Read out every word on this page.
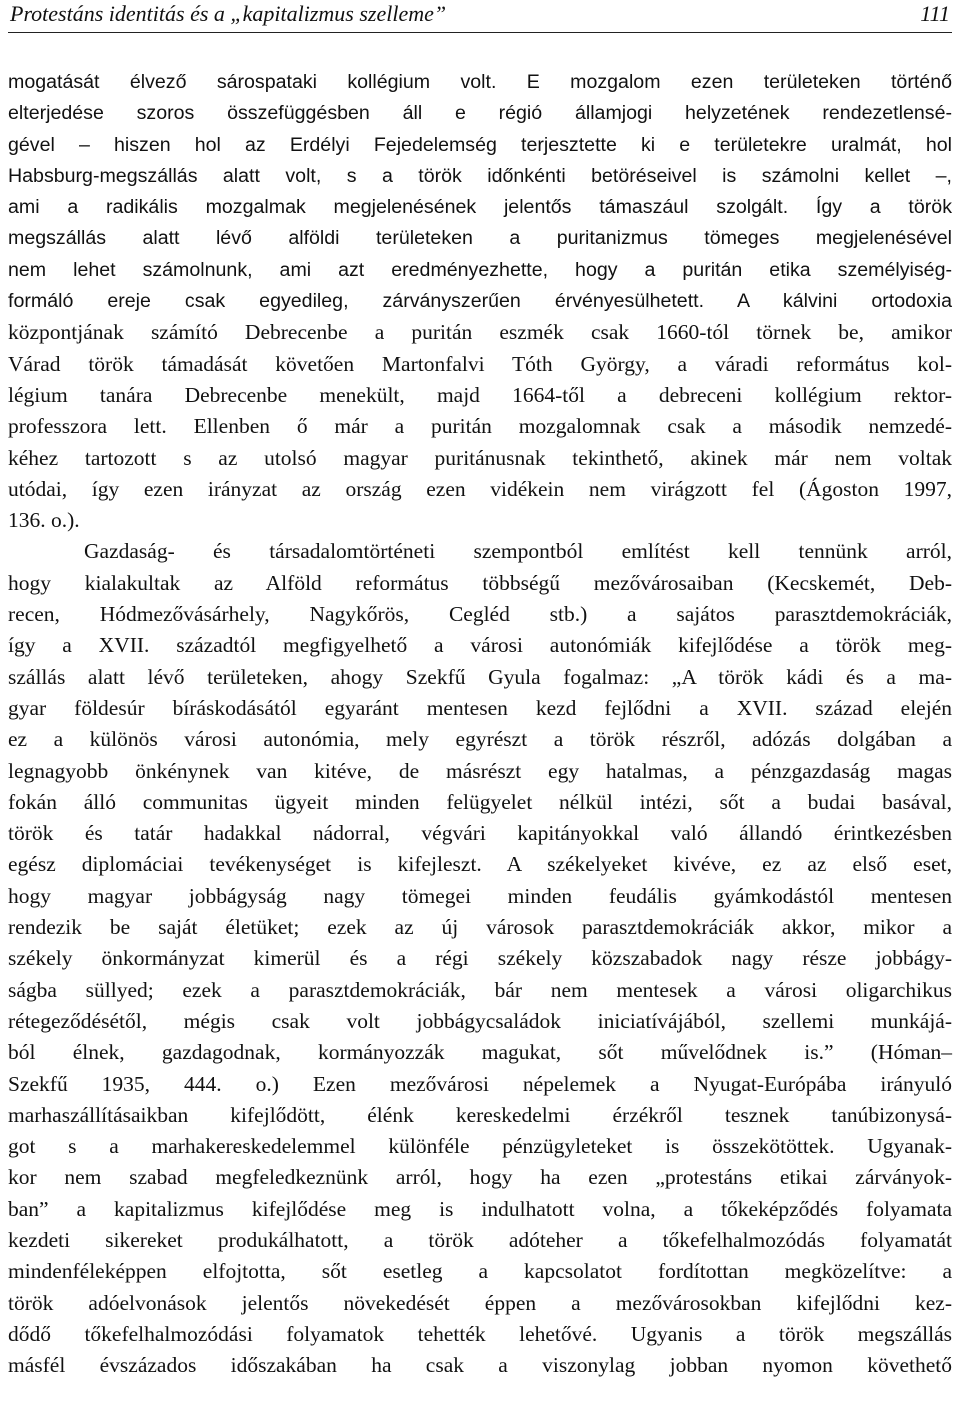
Protestáns identitás és a „kapitalizmus szelleme”	111
mogatását élvező sárospataki kollégium volt. E mozgalom ezen területeken történő
elterjedése szoros összefüggésben áll e régió államjogi helyzetének rendezetlensé-
gével – hiszen hol az Erdélyi Fejedelemség terjesztette ki e területekre uralmát, hol
Habsburg-megszállás alatt volt, s a török időnkénti betöréseivel is számolni kellet –,
ami a radikális mozgalmak megjelenésének jelentős támaszául szolgált. Így a török
megszállás alatt lévő alföldi területeken a puritanizmus tömeges megjelenésével
nem lehet számolnunk, ami azt eredményezhette, hogy a puritán etika személyiség-
formáló ereje csak egyedileg, zárványszerűen érvényesülhetett. A kálvini ortodoxia
központjának számító Debrecenbe a puritán eszmék csak 1660-tól törnek be, amikor
Várad török támadását követően Martonfalvi Tóth György, a váradi református kol-
légium tanára Debrecenbe menekült, majd 1664-től a debreceni kollégium rektor-
professzora lett. Ellenben ő már a puritán mozgalomnak csak a második nemzedé-
kéhez tartozott s az utolsó magyar puritánusnak tekinthető, akinek már nem voltak
utódai, így ezen irányzat az ország ezen vidékein nem virágzott fel (Ágoston 1997,
136. o.).
Gazdaság- és társadalomtörténeti szempontból említést kell tennünk arról,
hogy kialakultak az Alföld református többségű mezővárosaiban (Kecskemét, Deb-
recen, Hódmezővásárhely, Nagykőrös, Cegléd stb.) a sajátos parasztdemokráciák,
így a XVII. századtól megfigyelhető a városi autonómiák kifejlődése a török meg-
szállás alatt lévő területeken, ahogy Szekfű Gyula fogalmaz: „A török kádi és a ma-
gyar földesúr bíráskodásától egyaránt mentesen kezd fejlődni a XVII. század elején
ez a különös városi autonómia, mely egyrészt a török részről, adózás dolgában a
legnagyobb önkénynek van kitéve, de másrészt egy hatalmas, a pénzgazdaság magas
fokán álló communitas ügyeit minden felügyelet nélkül intézi, sőt a budai basával,
török és tatár hadakkal nádorral, végvári kapitányokkal való állandó érintkezésben
egész diplomáciai tevékenységet is kifejleszt. A székelyeket kivéve, ez az első eset,
hogy magyar jobbágyság nagy tömegei minden feudális gyámkodástól mentesen
rendezik be saját életüket; ezek az új városok parasztdemokráciák akkor, mikor a
székely önkormányzat kimerül és a régi székely közszabadok nagy része jobbágy-
ságba süllyed; ezek a parasztdemokráciák, bár nem mentesek a városi oligarchikus
rétegeződésétől, mégis csak volt jobbágycsaládok iniciatívájából, szellemi munkájá-
ból élnek, gazdagodnak, kormányozzák magukat, sőt művelődnek is.” (Hóman–
Szekfű 1935, 444. o.) Ezen mezővárosi népelemek a Nyugat-Európába irányuló
marhaszállításaikban kifejlődött, élénk kereskedelmi érzékről tesznek tanúbizonysá-
got s a marhakereskedelemmel különféle pénzügyleteket is összekötöttek. Ugyanak-
kor nem szabad megfeledkeznünk arról, hogy ha ezen „protestáns etikai zárványok-
ban” a kapitalizmus kifejlődése meg is indulhatott volna, a tőkeképződés folyamata
kezdeti sikereket produkálhatott, a török adóteher a tőkefelhalmozódás folyamatát
mindenféleképpen elfojtotta, sőt esetleg a kapcsolatot fordítottan megközelítve: a
török adóelvonások jelentős növekedését éppen a mezővárosokban kifejlődni kez-
dődő tőkefelhalmozódási folyamatok tehették lehetővé. Ugyanis a török megszállás
másfél évszázados időszakában ha csak a viszonylag jobban nyomon követhető
